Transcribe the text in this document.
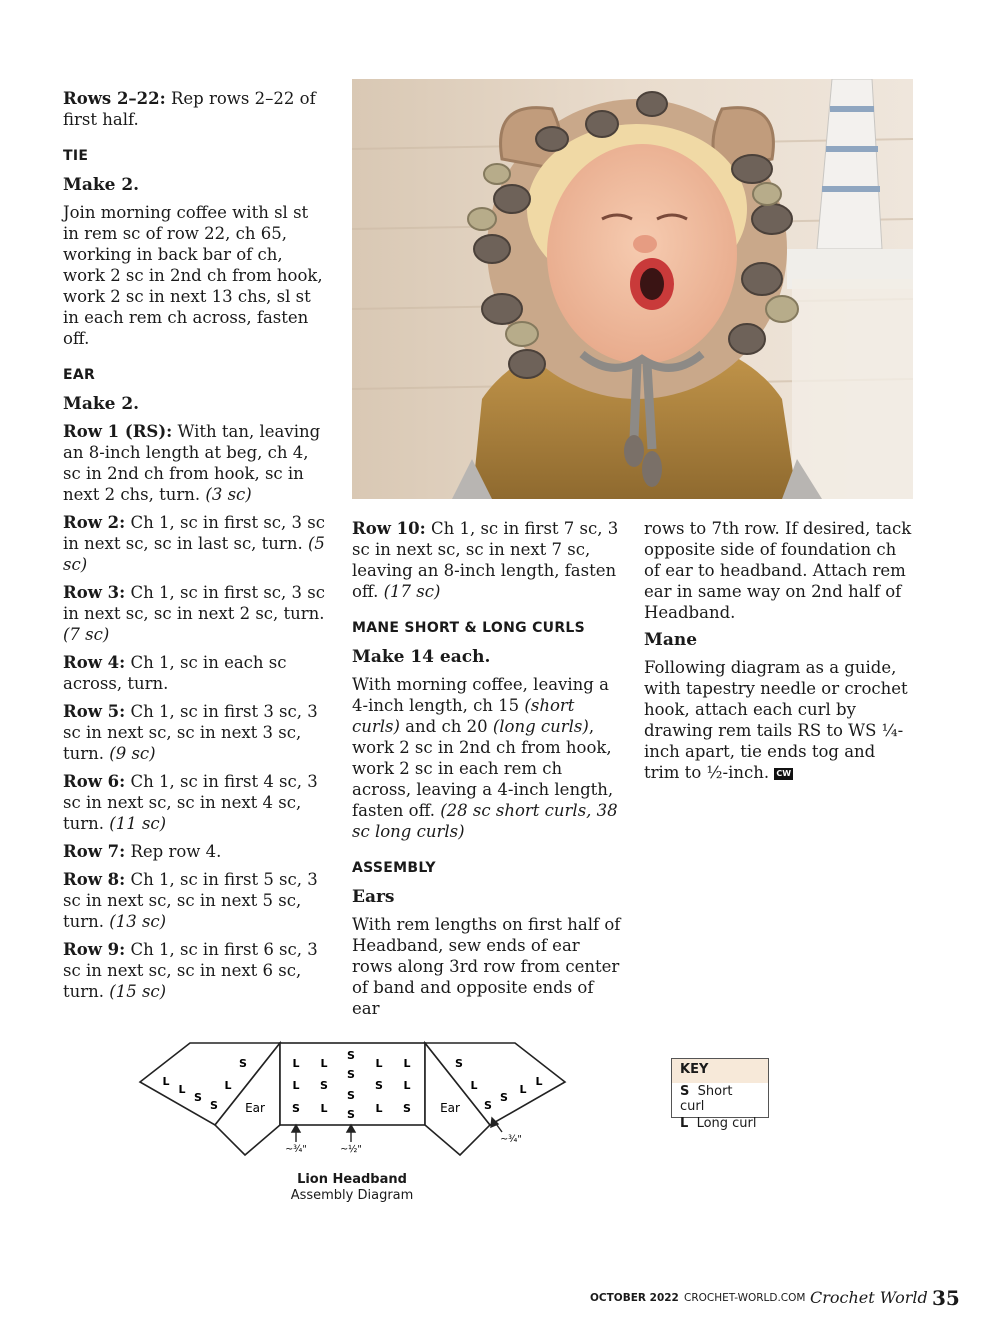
Rows 2–22: Rep rows 2–22 of first half.

TIE
Make 2.

Join morning coffee with sl st in rem sc of row 22, ch 65, working in back bar of ch, work 2 sc in 2nd ch from hook, work 2 sc in next 13 chs, sl st in each rem ch across, fasten off.

EAR
Make 2.

Row 1 (RS): With tan, leaving an 8-inch length at beg, ch 4, sc in 2nd ch from hook, sc in next 2 chs, turn. (3 sc)

Row 2: Ch 1, sc in first sc, 3 sc in next sc, sc in last sc, turn. (5 sc)

Row 3: Ch 1, sc in first sc, 3 sc in next sc, sc in next 2 sc, turn. (7 sc)

Row 4: Ch 1, sc in each sc across, turn.

Row 5: Ch 1, sc in first 3 sc, 3 sc in next sc, sc in next 3 sc, turn. (9 sc)

Row 6: Ch 1, sc in first 4 sc, 3 sc in next sc, sc in next 4 sc, turn. (11 sc)

Row 7: Rep row 4.

Row 8: Ch 1, sc in first 5 sc, 3 sc in next sc, sc in next 5 sc, turn. (13 sc)

Row 9: Ch 1, sc in first 6 sc, 3 sc in next sc, sc in next 6 sc, turn. (15 sc)

Row 10: Ch 1, sc in first 7 sc, 3 sc in next sc, sc in next 7 sc, leaving an 8-inch length, fasten off. (17 sc)

MANE SHORT & LONG CURLS
Make 14 each.

With morning coffee, leaving a 4-inch length, ch 15 (short curls) and ch 20 (long curls), work 2 sc in 2nd ch from hook, work 2 sc in each rem ch across, leaving a 4-inch length, fasten off. (28 sc short curls, 38 sc long curls)

ASSEMBLY
Ears

With rem lengths on first half of Headband, sew ends of ear rows along 3rd row from center of band and opposite ends of ear

rows to 7th row. If desired, tack opposite side of foundation ch of ear to headband. Attach rem ear in same way on 2nd half of Headband.

Mane

Following diagram as a guide, with tapestry needle or crochet hook, attach each curl by drawing rem tails RS to WS ¼-inch apart, tie ends tog and trim to ½-inch. CW

L
L
S
S
L
S	L
L
S
L
S
L
S
S
S
S
L
S
L
L
L
S
S
L
S
S
L
L
Ear	Ear
~¾"	~½"
~¾"
Lion Headband
Assembly Diagram
KEY
S Short curl
L Long curl
OCTOBER 2022 CROCHET-WORLD.COM Crochet World 35
